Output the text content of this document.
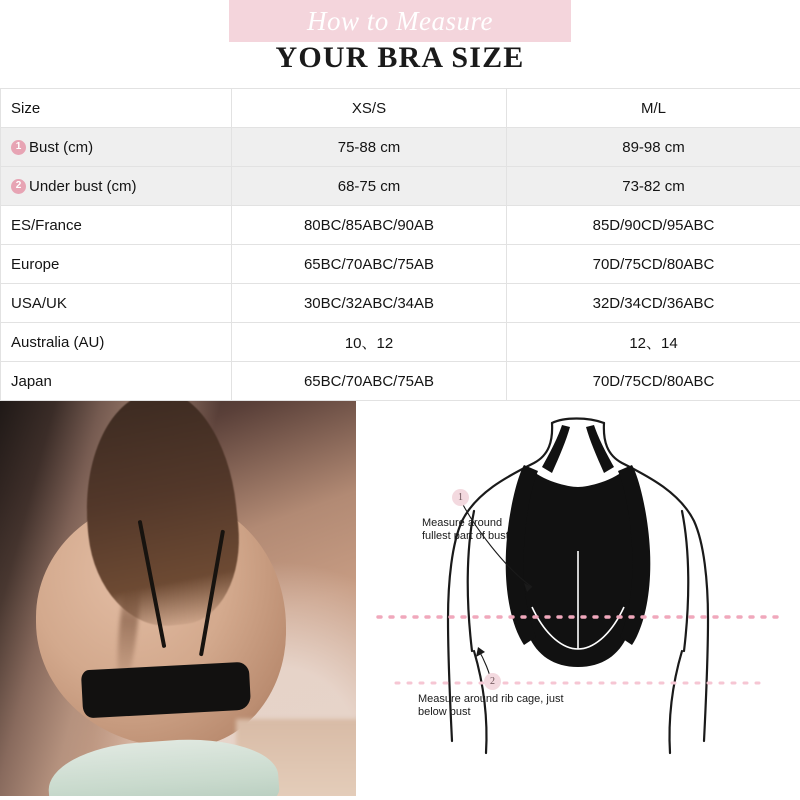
How to Measure
YOUR BRA SIZE
Size	XS/S	M/L

1 Bust (cm)	75-88 cm	89-98 cm

2 Under bust (cm)	68-75 cm	73-82 cm
ES/France	80BC/85ABC/90AB	85D/90CD/95ABC
Europe	65BC/70ABC/75AB	70D/75CD/80ABC
USA/UK	30BC/32ABC/34AB	32D/34CD/36ABC
Australia (AU)	10、12	12、14
Japan	65BC/70ABC/75AB	70D/75CD/80ABC
1
Measure around fullest part of bust
2
Measure around rib cage, just below bust
